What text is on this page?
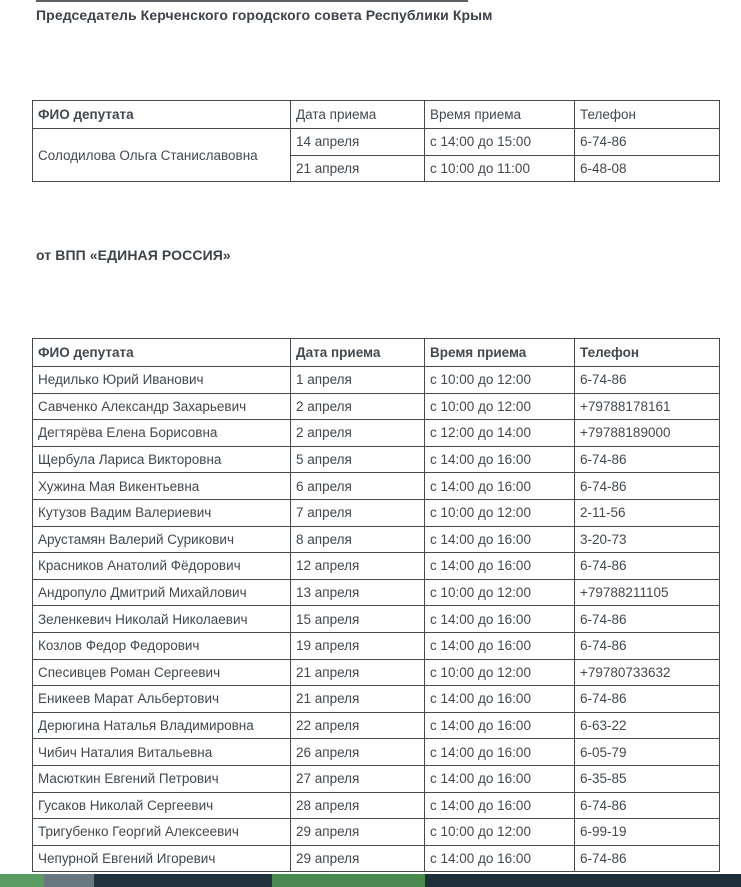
Председатель Керченского городского совета Республики Крым
ФИО депутата	Дата приема	Время приема	Телефон
Солодилова Ольга Станиславовна	14 апреля	с 14:00 до 15:00	6-74-86
	21 апреля	с 10:00 до 11:00	6-48-08
от ВПП «ЕДИНАЯ РОССИЯ»
ФИО депутата	Дата приема	Время приема	Телефон
Недилько Юрий Иванович	1 апреля	с 10:00 до 12:00	6-74-86
Савченко Александр Захарьевич	2 апреля	с 10:00 до 12:00	+79788178161
Дегтярёва Елена Борисовна	2 апреля	с 12:00 до 14:00	+79788189000
Щербула Лариса Викторовна	5 апреля	с 14:00 до 16:00	6-74-86
Хужина Мая Викентьевна	6 апреля	с 14:00 до 16:00	6-74-86
Кутузов Вадим Валериевич	7 апреля	с 10:00 до 12:00	2-11-56
Арустамян Валерий Сурикович	8 апреля	с 14:00 до 16:00	3-20-73
Красников Анатолий Фёдорович	12 апреля	с 14:00 до 16:00	6-74-86
Андропуло Дмитрий Михайлович	13 апреля	с 10:00 до 12:00	+79788211105
Зеленкевич Николай Николаевич	15 апреля	с 14:00 до 16:00	6-74-86
Козлов Федор Федорович	19 апреля	с 14:00 до 16:00	6-74-86
Спесивцев Роман Сергеевич	21 апреля	с 10:00 до 12:00	+79780733632
Еникеев Марат Альбертович	21 апреля	с 14:00 до 16:00	6-74-86
Дерюгина Наталья Владимировна	22 апреля	с 14:00 до 16:00	6-63-22
Чибич Наталия Витальевна	26 апреля	с 14:00 до 16:00	6-05-79
Масюткин Евгений Петрович	27 апреля	с 14:00 до 16:00	6-35-85
Гусаков Николай Сергеевич	28 апреля	с 14:00 до 16:00	6-74-86
Тригубенко Георгий Алексеевич	29 апреля	с 10:00 до 12:00	6-99-19
Чепурной Евгений Игоревич	29 апреля	с 14:00 до 16:00	6-74-86
